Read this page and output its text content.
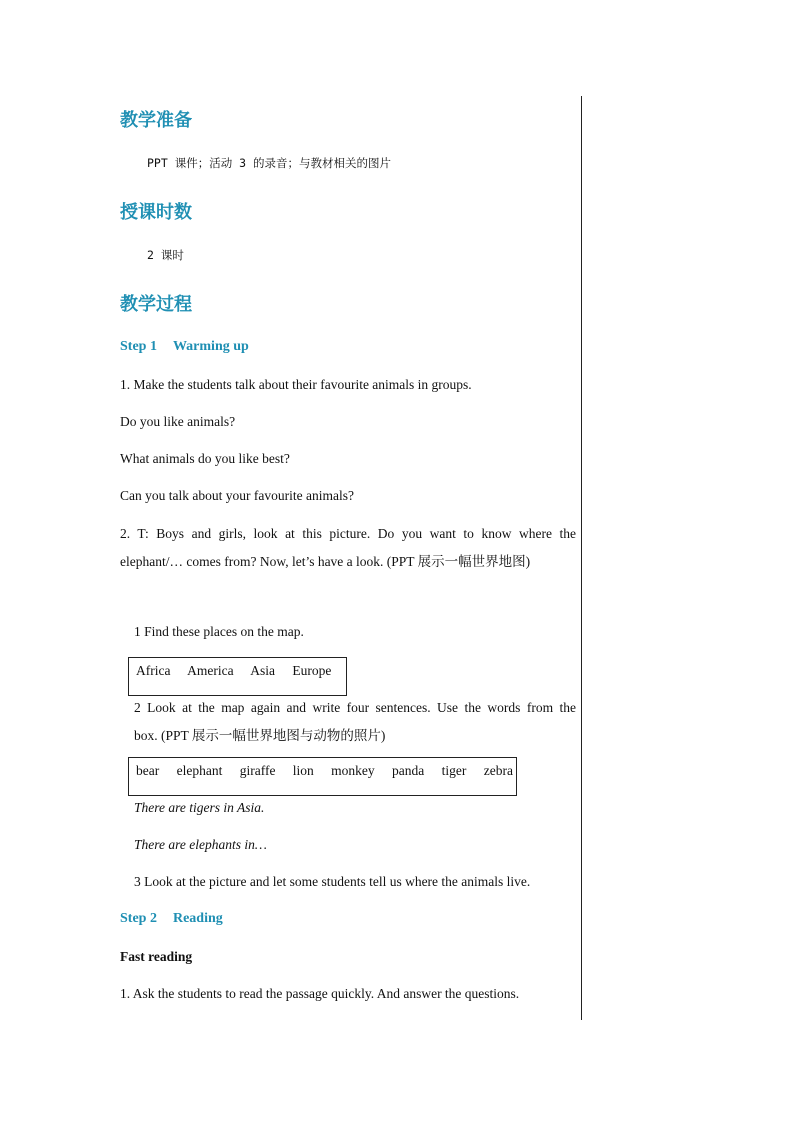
教学准备
PPT 课件；活动 3 的录音；与教材相关的图片
授课时数
2 课时
教学过程
Step 1 Warming up
1. Make the students talk about their favourite animals in groups.
Do you like animals?
What animals do you like best?
Can you talk about your favourite animals?
2. T: Boys and girls, look at this picture. Do you want to know where the
elephant/… comes from? Now, let’s have a look. (PPT 展示一幅世界地图)
1 Find these places on the map.
Africa America Asia Europe
2 Look at the map again and write four sentences. Use the words from the
box. (PPT 展示一幅世界地图与动物的照片)
bear elephant giraffe lion monkey panda tiger zebra
There are tigers in Asia.
There are elephants in…
3 Look at the picture and let some students tell us where the animals live.
Step 2 Reading
Fast reading
1. Ask the students to read the passage quickly. And answer the questions.
